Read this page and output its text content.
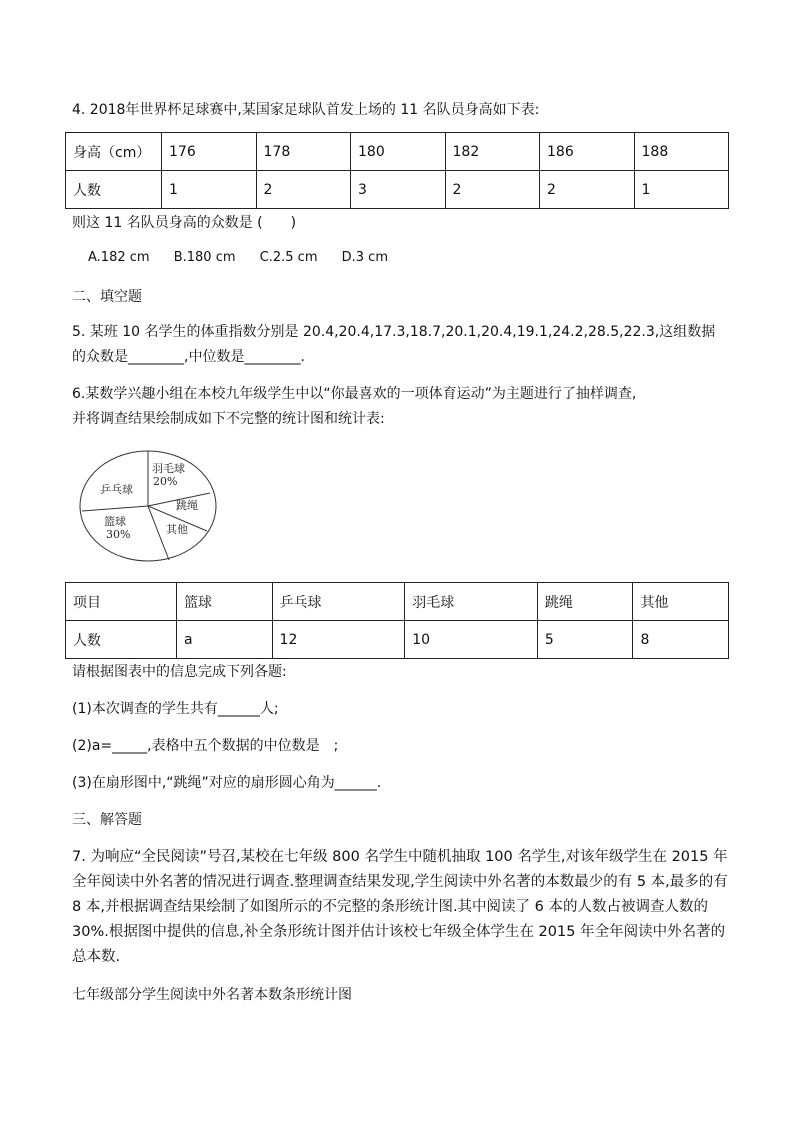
4. 2018年世界杯足球赛中,某国家足球队首发上场的 11 名队员身高如下表:
身高（cm）	176	178	180	182	186	188
人数	1	2	3	2	2	1
则这 11 名队员身高的众数是 (　　)
A.182 cm B.180 cm C.2.5 cm D.3 cm
二、填空题
5. 某班 10 名学生的体重指数分别是 20.4,20.4,17.3,18.7,20.1,20.4,19.1,24.2,28.5,22.3,这组数据
的众数是________,中位数是________.
6.某数学兴趣小组在本校九年级学生中以“你最喜欢的一项体育运动”为主题进行了抽样调查,
并将调查结果绘制成如下不完整的统计图和统计表:
羽毛球
20%
跳绳
其他
篮球
30%
乒乓球
项目	篮球	乒乓球	羽毛球	跳绳	其他
人数	a	12	10	5	8
请根据图表中的信息完成下列各题:
(1)本次调查的学生共有______人;
(2)a=_____,表格中五个数据的中位数是　;
(3)在扇形图中,“跳绳”对应的扇形圆心角为______.
三、解答题
7. 为响应“全民阅读”号召,某校在七年级 800 名学生中随机抽取 100 名学生,对该年级学生在 2015 年全年阅读中外名著的情况进行调查.整理调查结果发现,学生阅读中外名著的本数最少的有 5 本,最多的有 8 本,并根据调查结果绘制了如图所示的不完整的条形统计图.其中阅读了 6 本的人数占被调查人数的 30%.根据图中提供的信息,补全条形统计图并估计该校七年级全体学生在 2015 年全年阅读中外名著的总本数.
七年级部分学生阅读中外名著本数条形统计图
